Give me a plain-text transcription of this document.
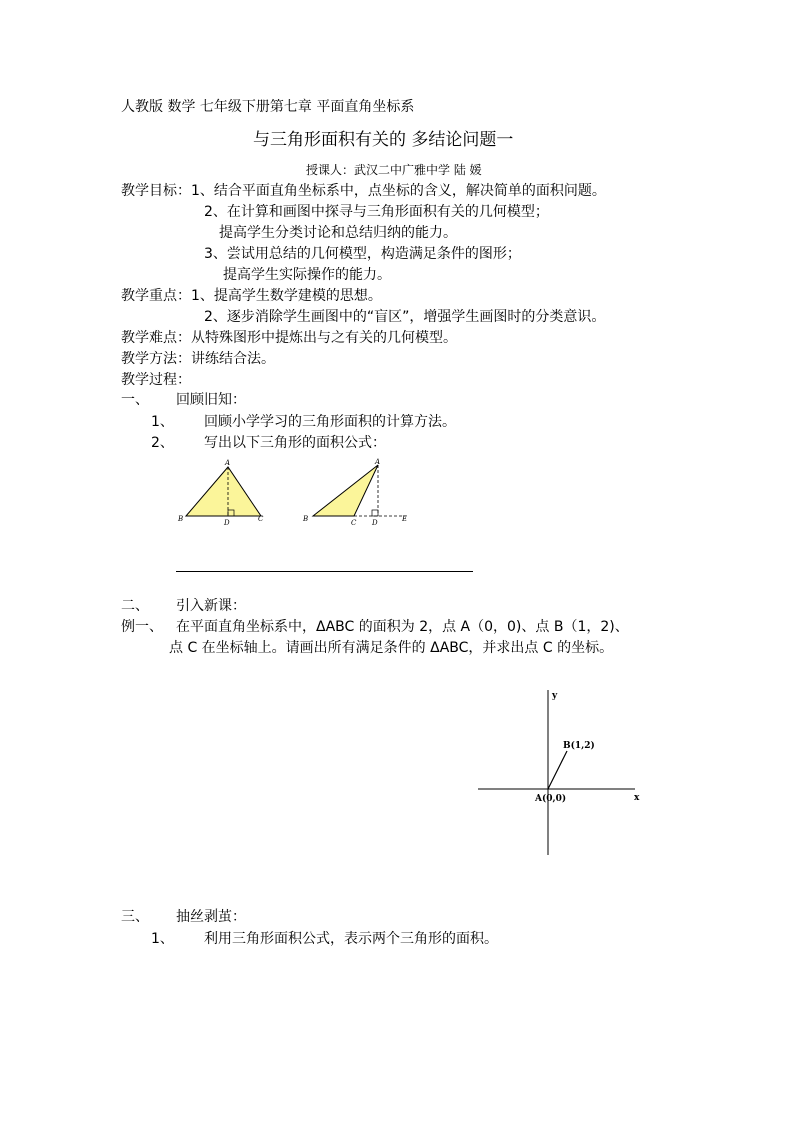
人教版 数学 七年级下册第七章 平面直角坐标系
与三角形面积有关的 多结论问题一
授课人：武汉二中广雅中学 陆 媛
教学目标： 1、结合平面直角坐标系中，点坐标的含义，解决简单的面积问题。
2、在计算和画图中探寻与三角形面积有关的几何模型；
提高学生分类讨论和总结归纳的能力。
3、尝试用总结的几何模型，构造满足条件的图形；
提高学生实际操作的能力。
教学重点： 1、提高学生数学建模的思想。
2、逐步消除学生画图中的“盲区”，增强学生画图时的分类意识。
教学难点：从特殊图形中提炼出与之有关的几何模型。
教学方法：讲练结合法。
教学过程：
一、 回顾旧知：
1、 回顾小学学习的三角形面积的计算方法。
2、 写出以下三角形的面积公式：
A
B	D	C
A
B	C D	E
二、 引入新课：
例一、 在平面直角坐标系中，ΔABC 的面积为 2，点 A（0，0)、点 B（1，2)、
点 C 在坐标轴上。请画出所有满足条件的 ΔABC，并求出点 C 的坐标。
y
x
B(1,2)
A(0,0)
三、 抽丝剥茧：
1、 利用三角形面积公式，表示两个三角形的面积。
